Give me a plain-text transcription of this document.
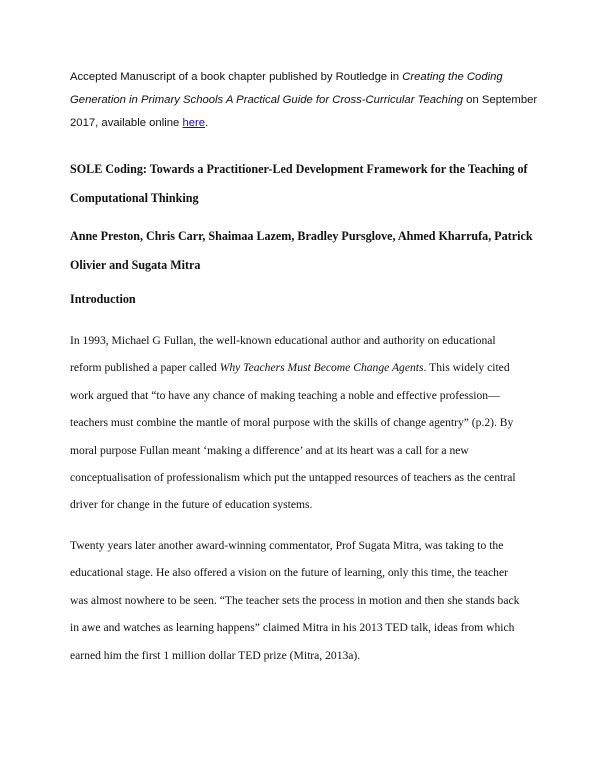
Accepted Manuscript of a book chapter published by Routledge in Creating the Coding Generation in Primary Schools A Practical Guide for Cross-Curricular Teaching on September 2017, available online here.
SOLE Coding: Towards a Practitioner-Led Development Framework for the Teaching of Computational Thinking
Anne Preston, Chris Carr, Shaimaa Lazem, Bradley Pursglove, Ahmed Kharrufa, Patrick Olivier and Sugata Mitra
Introduction
In 1993, Michael G Fullan, the well-known educational author and authority on educational
reform published a paper called Why Teachers Must Become Change Agents. This widely cited
work argued that “to have any chance of making teaching a noble and effective profession—
teachers must combine the mantle of moral purpose with the skills of change agentry” (p.2). By
moral purpose Fullan meant ‘making a difference’ and at its heart was a call for a new
conceptualisation of professionalism which put the untapped resources of teachers as the central
driver for change in the future of education systems.
Twenty years later another award-winning commentator, Prof Sugata Mitra, was taking to the
educational stage. He also offered a vision on the future of learning, only this time, the teacher
was almost nowhere to be seen. “The teacher sets the process in motion and then she stands back
in awe and watches as learning happens” claimed Mitra in his 2013 TED talk, ideas from which
earned him the first 1 million dollar TED prize (Mitra, 2013a).
